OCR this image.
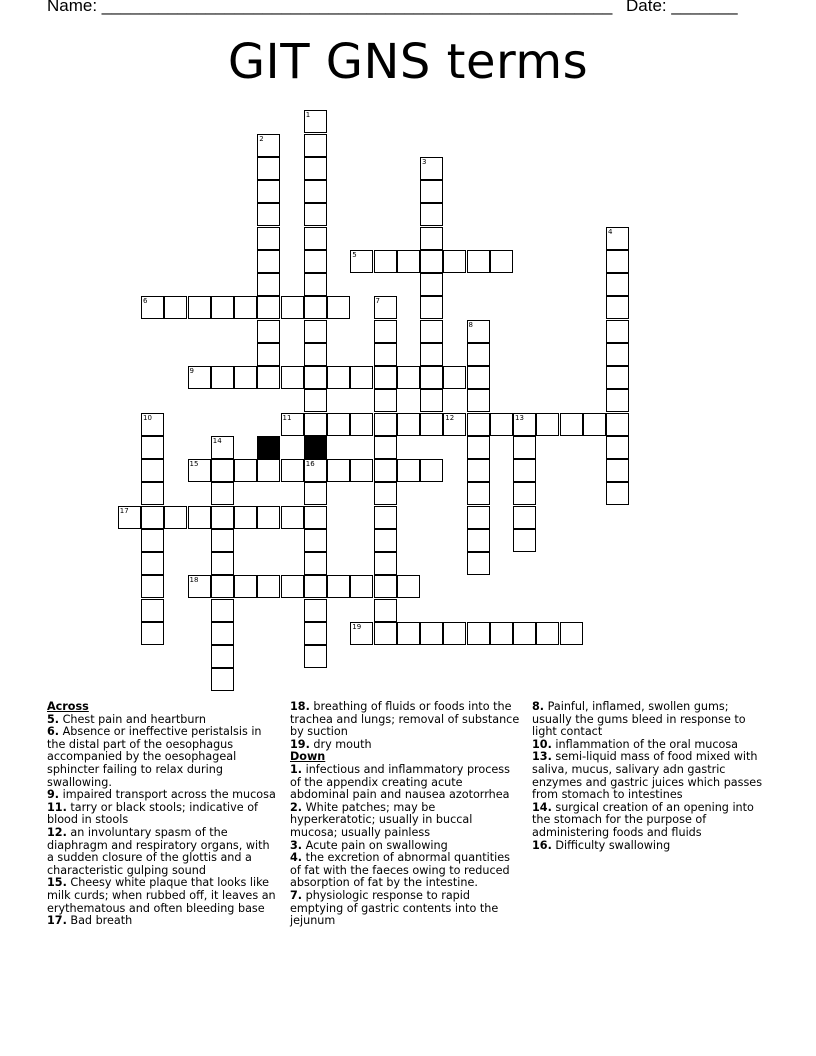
Name: ______________________________________________________ Date: _______
GIT GNS terms
1
2
3
4
5
6	7
8
9
10	11	12	13
14
15	16
17
18
19
Across
5. Chest pain and heartburn
6. Absence or ineffective peristalsis in the distal part of the oesophagus accompanied by the oesophageal sphincter failing to relax during swallowing.
9. impaired transport across the mucosa
11. tarry or black stools; indicative of blood in stools
12. an involuntary spasm of the diaphragm and respiratory organs, with a sudden closure of the glottis and a characteristic gulping sound
15. Cheesy white plaque that looks like milk curds; when rubbed off, it leaves an erythematous and often bleeding base
17. Bad breath
18. breathing of fluids or foods into the trachea and lungs; removal of substance by suction
19. dry mouth
Down
1. infectious and inflammatory process of the appendix creating acute abdominal pain and nausea azotorrhea
2. White patches; may be hyperkeratotic; usually in buccal mucosa; usually painless
3. Acute pain on swallowing
4. the excretion of abnormal quantities of fat with the faeces owing to reduced absorption of fat by the intestine.
7. physiologic response to rapid emptying of gastric contents into the jejunum
8. Painful, inflamed, swollen gums; usually the gums bleed in response to light contact
10. inflammation of the oral mucosa
13. semi-liquid mass of food mixed with saliva, mucus, salivary adn gastric enzymes and gastric juices which passes from stomach to intestines
14. surgical creation of an opening into the stomach for the purpose of administering foods and fluids
16. Difficulty swallowing
